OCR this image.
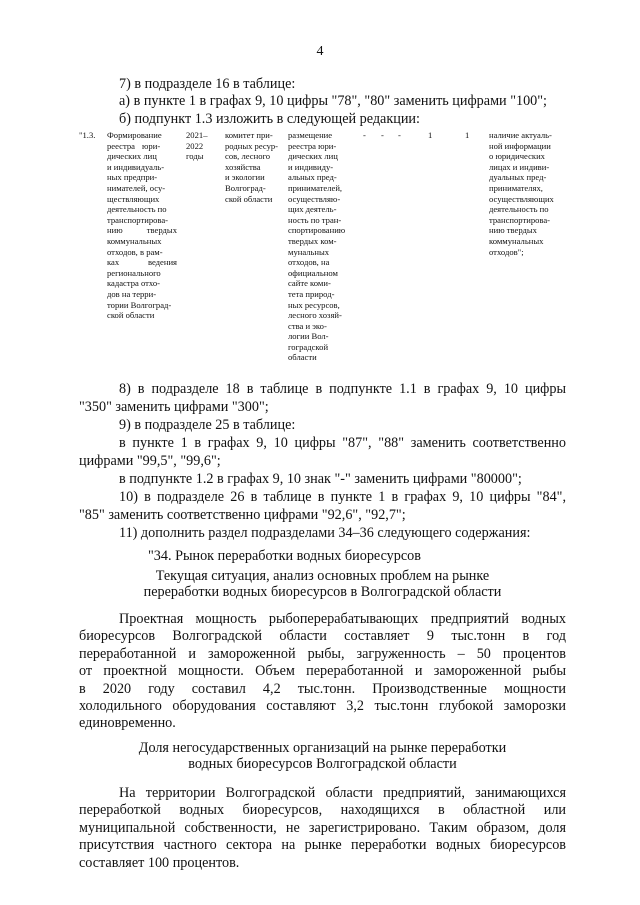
4
7) в подразделе 16 в таблице:
а) в пункте 1 в графах 9, 10 цифры "78", "80" заменить цифрами "100";
б) подпункт 1.3 изложить в следующей редакции:
"1.3. Формирование
реестра
дических лиц
и индивидуаль-
ных предпри-
нимателей, осу-
ществляющих
деятельность по
транспортирова-
нию твердых
коммунальных
отходов, в рам-
ках ведения
регионального
кадастра отхо-
дов на терри-
тории Волгоград-
ской области
юри-
2021–
2022
годы
комитет при-
родных ресур-
сов, лесного
хозяйства
и экологии
Волгоград-
ской области
размещение
реестра юри-
дических лиц
и индивиду-
альных пред-
принимателей,
осуществляю-
щих деятель-
ность по тран-
спортированию
твердых ком-
мунальных
отходов, на
официальном
сайте коми-
тета природ-
ных ресурсов,
лесного хозяй-
ства и эко-
логии Вол-
гоградской
области
- - -	1	1 наличие актуаль-
ной информации
о юридических
лицах и индиви-
дуальных пред-
принимателях,
осуществляющих
деятельность по
транспортирова-
нию твердых
коммунальных
отходов";
8) в подразделе 18 в таблице в подпункте 1.1 в графах 9, 10 цифры
"350" заменить цифрами "300";
9) в подразделе 25 в таблице:
в пункте 1 в графах 9, 10 цифры "87", "88" заменить соответственно
цифрами "99,5", "99,6";
в подпункте 1.2 в графах 9, 10 знак "-" заменить цифрами "80000";
10) в подразделе 26 в таблице в пункте 1 в графах 9, 10 цифры "84",
"85" заменить соответственно цифрами "92,6", "92,7";
11) дополнить раздел подразделами 34–36 следующего содержания:
"34. Рынок переработки водных биоресурсов
Текущая ситуация, анализ основных проблем на рынке
переработки водных биоресурсов в Волгоградской области
Проектная мощность рыбоперерабатывающих предприятий водных
биоресурсов Волгоградской области составляет 9 тыс.тонн в год
переработанной и замороженной рыбы, загруженность – 50 процентов
от проектной мощности. Объем переработанной и замороженной рыбы
в 2020 году составил 4,2 тыс.тонн. Производственные мощности
холодильного оборудования составляют 3,2 тыс.тонн глубокой заморозки
единовременно.
Доля негосударственных организаций на рынке переработки
водных биоресурсов Волгоградской области
На территории Волгоградской области предприятий, занимающихся
переработкой водных биоресурсов, находящихся в областной или
муниципальной собственности, не зарегистрировано. Таким образом, доля
присутствия частного сектора на рынке переработки водных биоресурсов
составляет 100 процентов.
